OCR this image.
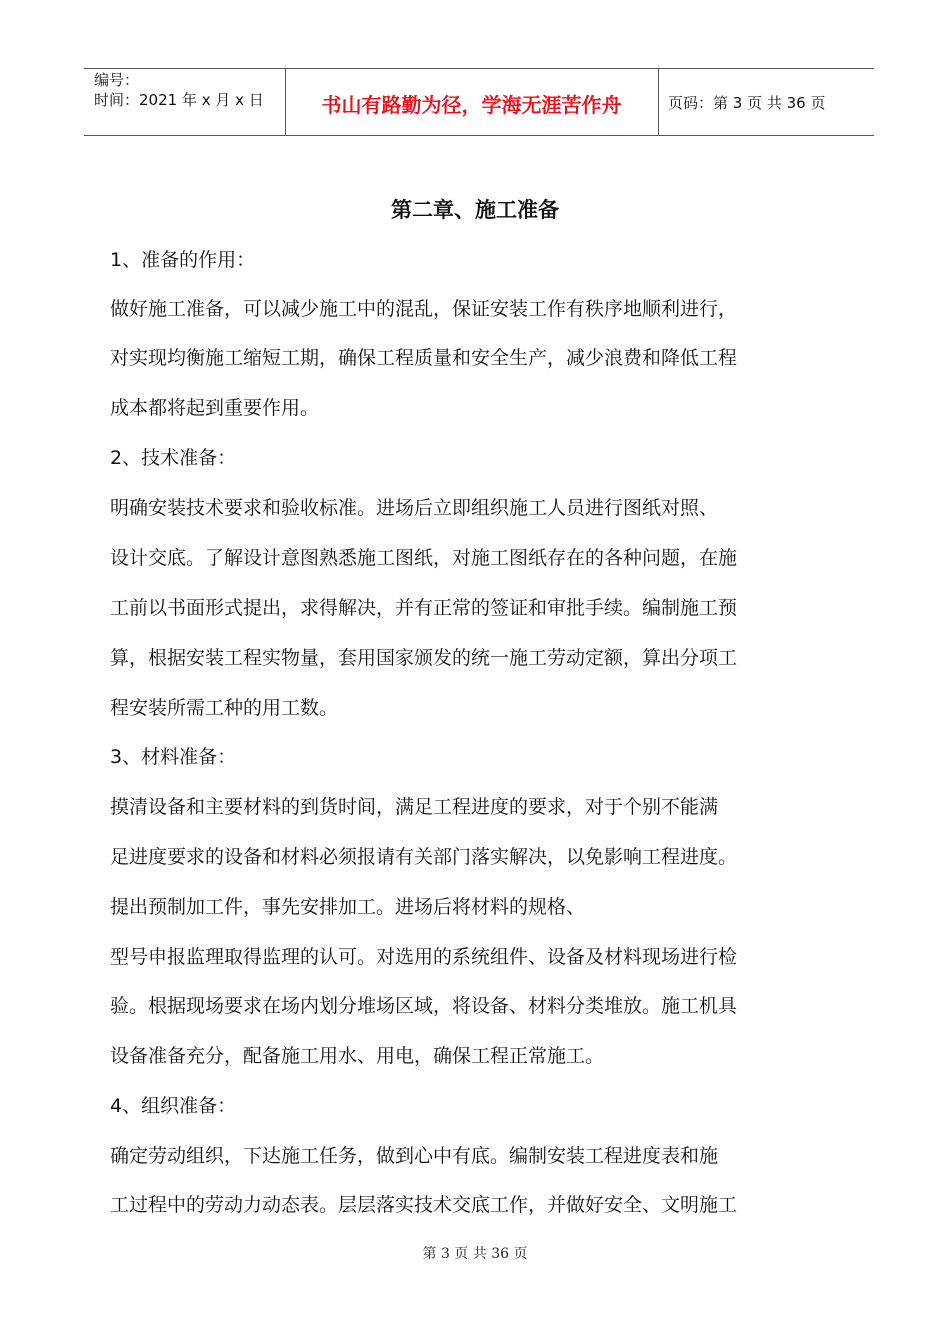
编号：
时间：2021 年 x 月 x 日	书山有路勤为径，学海无涯苦作舟	页码：第 3 页 共 36 页
第二章、施工准备
1、准备的作用：
做好施工准备，可以减少施工中的混乱，保证安装工作有秩序地顺利进行，
对实现均衡施工缩短工期，确保工程质量和安全生产，减少浪费和降低工程
成本都将起到重要作用。
2、技术准备：
明确安装技术要求和验收标准。进场后立即组织施工人员进行图纸对照、
设计交底。了解设计意图熟悉施工图纸，对施工图纸存在的各种问题，在施
工前以书面形式提出，求得解决，并有正常的签证和审批手续。编制施工预
算，根据安装工程实物量，套用国家颁发的统一施工劳动定额，算出分项工
程安装所需工种的用工数。
3、材料准备：
摸清设备和主要材料的到货时间，满足工程进度的要求，对于个别不能满
足进度要求的设备和材料必须报请有关部门落实解决，以免影响工程进度。
提出预制加工件，事先安排加工。进场后将材料的规格、
型号申报监理取得监理的认可。对选用的系统组件、设备及材料现场进行检
验。根据现场要求在场内划分堆场区域，将设备、材料分类堆放。施工机具
设备准备充分，配备施工用水、用电，确保工程正常施工。
4、组织准备：
确定劳动组织，下达施工任务，做到心中有底。编制安装工程进度表和施
工过程中的劳动力动态表。层层落实技术交底工作，并做好安全、文明施工
第 3 页 共 36 页
